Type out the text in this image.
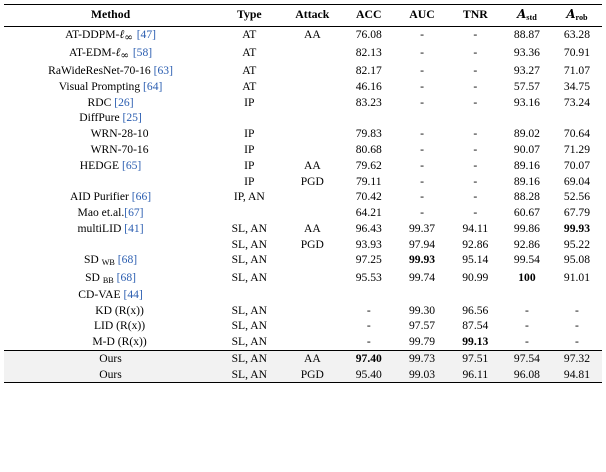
Method	Type	Attack	ACC	AUC	TNR	$A_{std}$	$A_{rob}$
AT-DDPM-ℓ∞ [47]	AT	AA	76.08	-	-	88.87	63.28
AT-EDM-ℓ∞ [58]	AT		82.13	-	-	93.36	70.91
RaWideResNet-70-16 [63]	AT		82.17	-	-	93.27	71.07
Visual Prompting [64]	AT		46.16	-	-	57.57	34.75
RDC [26]	IP		83.23	-	-	93.16	73.24
DiffPure [25]							
WRN-28-10	IP		79.83	-	-	89.02	70.64
WRN-70-16	IP		80.68	-	-	90.07	71.29
HEDGE [65]	IP	AA	79.62	-	-	89.16	70.07
	IP	PGD	79.11	-	-	89.16	69.04
AID Purifier [66]	IP, AN		70.42	-	-	88.28	52.56
Mao et.al.[67]			64.21	-	-	60.67	67.79
multiLID [41]	SL, AN	AA	96.43	99.37	94.11	99.86	99.93
	SL, AN	PGD	93.93	97.94	92.86	92.86	95.22
SD $_{WB}$ [68]	SL, AN		97.25	99.93	95.14	99.54	95.08
SD $_{BB}$ [68]	SL, AN		95.53	99.74	90.99	100	91.01
CD-VAE [44]							
KD (R(x))	SL, AN		-	99.30	96.56	-	-
LID (R(x))	SL, AN		-	97.57	87.54	-	-
M-D (R(x))	SL, AN		-	99.79	99.13	-	-
Ours	SL, AN	AA	97.40	99.73	97.51	97.54	97.32
Ours	SL, AN	PGD	95.40	99.03	96.11	96.08	94.81
